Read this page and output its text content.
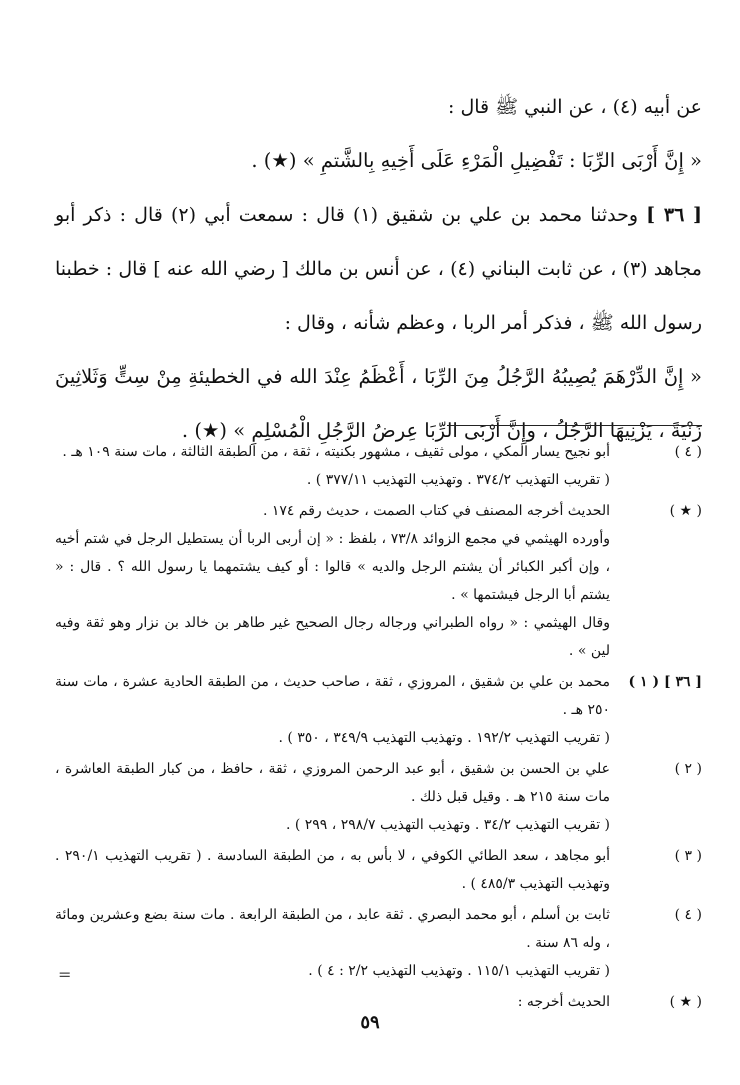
عن أبيه (٤) ، عن النبي ﷺ قال :

« إِنَّ أَرْبَى الرِّبَا : تَفْضِيلِ الْمَرْءِ عَلَى أَخِيهِ بِالشَّتمِ » (★) .

[ ٣٦ ] وحدثنا محمد بن علي بن شقيق (١) قال : سمعت أبي (٢) قال : ذكر أبو مجاهد (٣) ، عن ثابت البناني (٤) ، عن أنس بن مالك [ رضي الله عنه ] قال : خطبنا رسول الله ﷺ ، فذكر أمر الربا ، وعظم شأنه ، وقال :

« إِنَّ الدِّرْهَمَ يُصِيبُهُ الرَّجُلُ مِنَ الرِّبَا ، أَعْظَمُ عِنْدَ الله في الخطيئةِ مِنْ سِتٍّ وَثَلاثِينَ زَنْيَةً ، يَزْنِيهَا الرَّجُلُ ، وإِنَّ أَرْبَى الرِّبَا عِرضُ الرَّجُلِ الْمُسْلِمِ » (★) .

( ٤ )

أبو نجيح يسار المكي ، مولى ثقيف ، مشهور بكنيته ، ثقة ، من الطبقة الثالثة ، مات سنة ١٠٩ هـ .

( تقريب التهذيب ٣٧٤/٢ . وتهذيب التهذيب ٣٧٧/١١ ) .

( ★ )

الحديث أخرجه المصنف في كتاب الصمت ، حديث رقم ١٧٤ .

وأورده الهيثمي في مجمع الزوائد ٧٣/٨ ، بلفظ : « إن أربى الربا أن يستطيل الرجل في شتم أخيه ، وإن أكبر الكبائر أن يشتم الرجل والديه » قالوا : أو كيف يشتمهما يا رسول الله ؟ . قال : « يشتم أبا الرجل فيشتمها » .

وقال الهيثمي : « رواه الطبراني ورجاله رجال الصحيح غير طاهر بن خالد بن نزار وهو ثقة وفيه لين » .

[ ٣٦ ] ( ١ )

محمد بن علي بن شقيق ، المروزي ، ثقة ، صاحب حديث ، من الطبقة الحادية عشرة ، مات سنة ٢٥٠ هـ .

( تقريب التهذيب ١٩٢/٢ . وتهذيب التهذيب ٣٤٩/٩ ، ٣٥٠ ) .

( ٢ )

علي بن الحسن بن شقيق ، أبو عبد الرحمن المروزي ، ثقة ، حافظ ، من كبار الطبقة العاشرة ، مات سنة ٢١٥ هـ . وقيل قبل ذلك .

( تقريب التهذيب ٣٤/٢ . وتهذيب التهذيب ٢٩٨/٧ ، ٢٩٩ ) .

( ٣ )

أبو مجاهد ، سعد الطائي الكوفي ، لا بأس به ، من الطبقة السادسة . ( تقريب التهذيب ٢٩٠/١ . وتهذيب التهذيب ٤٨٥/٣ ) .

( ٤ )

ثابت بن أسلم ، أبو محمد البصري . ثقة عابد ، من الطبقة الرابعة . مات سنة بضع وعشرين ومائة ، وله ٨٦ سنة .

( تقريب التهذيب ١١٥/١ . وتهذيب التهذيب ٢/٢ : ٤ ) .

( ★ )

الحديث أخرجه :

=
٥٩
